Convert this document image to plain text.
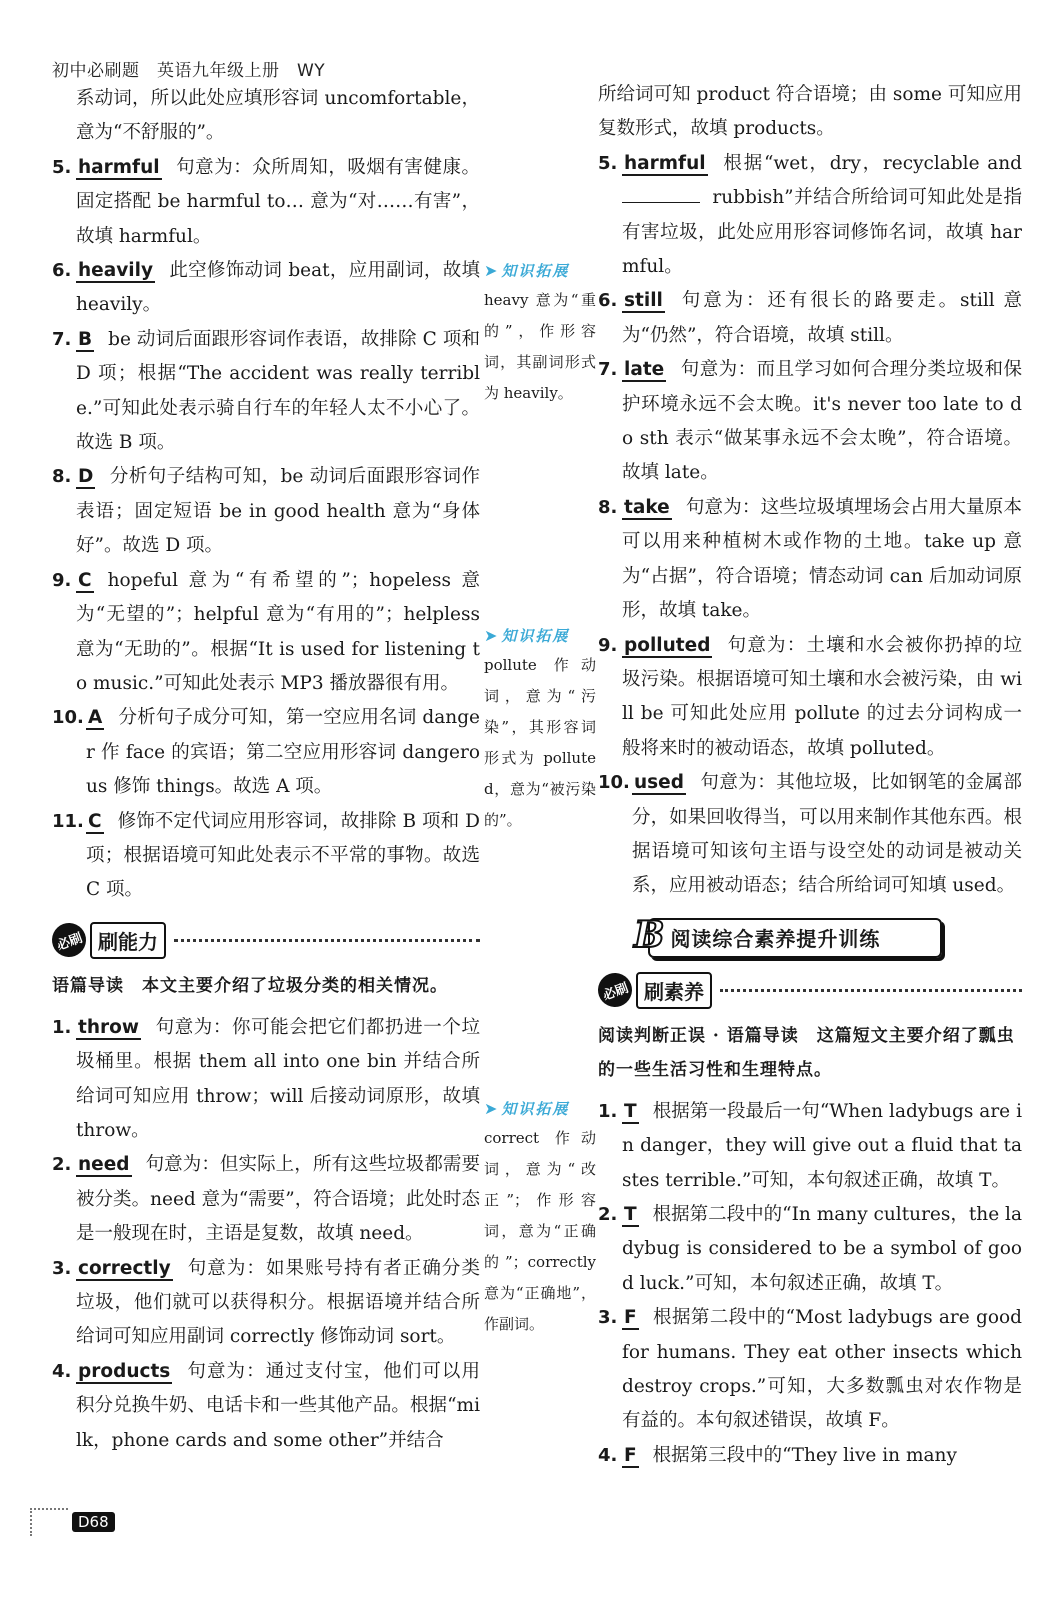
初中必刷题　英语九年级上册　WY

系动词，所以此处应填形容词 uncomfortable，意为“不舒服的”。

5. harmful 句意为：众所周知，吸烟有害健康。固定搭配 be harmful to… 意为“对……有害”，故填 harmful。

6. heavily 此空修饰动词 beat，应用副词，故填 heavily。

7. B be 动词后面跟形容词作表语，故排除 C 项和 D 项；根据“The accident was really terrible.”可知此处表示骑自行车的年轻人太不小心了。故选 B 项。

8. D 分析句子结构可知，be 动词后面跟形容词作表语；固定短语 be in good health 意为“身体好”。故选 D 项。

9. C hopeful 意为“有希望的”；hopeless 意为“无望的”；helpful 意为“有用的”；helpless 意为“无助的”。根据“It is used for listening to music.”可知此处表示 MP3 播放器很有用。

10. A 分析句子成分可知，第一空应用名词 danger 作 face 的宾语；第二空应用形容词 dangerous 修饰 things。故选 A 项。

11. C 修饰不定代词应用形容词，故排除 B 项和 D 项；根据语境可知此处表示不平常的事物。故选 C 项。

必刷 刷能力

语篇导读　本文主要介绍了垃圾分类的相关情况。

1. throw 句意为：你可能会把它们都扔进一个垃圾桶里。根据 them all into one bin 并结合所给词可知应用 throw；will 后接动词原形，故填 throw。

2. need 句意为：但实际上，所有这些垃圾都需要被分类。need 意为“需要”，符合语境；此处时态是一般现在时，主语是复数，故填 need。

3. correctly 句意为：如果账号持有者正确分类垃圾，他们就可以获得积分。根据语境并结合所给词可知应用副词 correctly 修饰动词 sort。

4. products 句意为：通过支付宝，他们可以用积分兑换牛奶、电话卡和一些其他产品。根据“milk，phone cards and some other”并结合

➤ 知识拓展

heavy 意为“重的”，作形容词，其副词形式为 heavily。

➤ 知识拓展

pollute 作动词，意为“污染”，其形容词形式为 polluted，意为“被污染的”。

➤ 知识拓展

correct 作动词，意为“改正”；作形容词，意为“正确的”；correctly 意为“正确地”，作副词。

所给词可知 product 符合语境；由 some 可知应用复数形式，故填 products。

5. harmful 根据“wet，dry，recyclable and  rubbish”并结合所给词可知此处是指有害垃圾，此处应用形容词修饰名词，故填 harmful。

6. still 句意为：还有很长的路要走。still 意为“仍然”，符合语境，故填 still。

7. late 句意为：而且学习如何合理分类垃圾和保护环境永远不会太晚。it's never too late to do sth 表示“做某事永远不会太晚”，符合语境。故填 late。

8. take 句意为：这些垃圾填埋场会占用大量原本可以用来种植树木或作物的土地。take up 意为“占据”，符合语境；情态动词 can 后加动词原形，故填 take。

9. polluted 句意为：土壤和水会被你扔掉的垃圾污染。根据语境可知土壤和水会被污染，由 will be 可知此处应用 pollute 的过去分词构成一般将来时的被动语态，故填 polluted。

10. used 句意为：其他垃圾，比如钢笔的金属部分，如果回收得当，可以用来制作其他东西。根据语境可知该句主语与设空处的动词是被动关系，应用被动语态；结合所给词可知填 used。

B 阅读综合素养提升训练
必刷 刷素养

阅读判断正误 · 语篇导读　这篇短文主要介绍了瓢虫的一些生活习性和生理特点。

1. T 根据第一段最后一句“When ladybugs are in danger，they will give out a fluid that tastes terrible.”可知，本句叙述正确，故填 T。

2. T 根据第二段中的“In many cultures，the ladybug is considered to be a symbol of good luck.”可知，本句叙述正确，故填 T。

3. F 根据第二段中的“Most ladybugs are good for humans. They eat other insects which destroy crops.”可知，大多数瓢虫对农作物是有益的。本句叙述错误，故填 F。

4. F 根据第三段中的“They live in many

D68
